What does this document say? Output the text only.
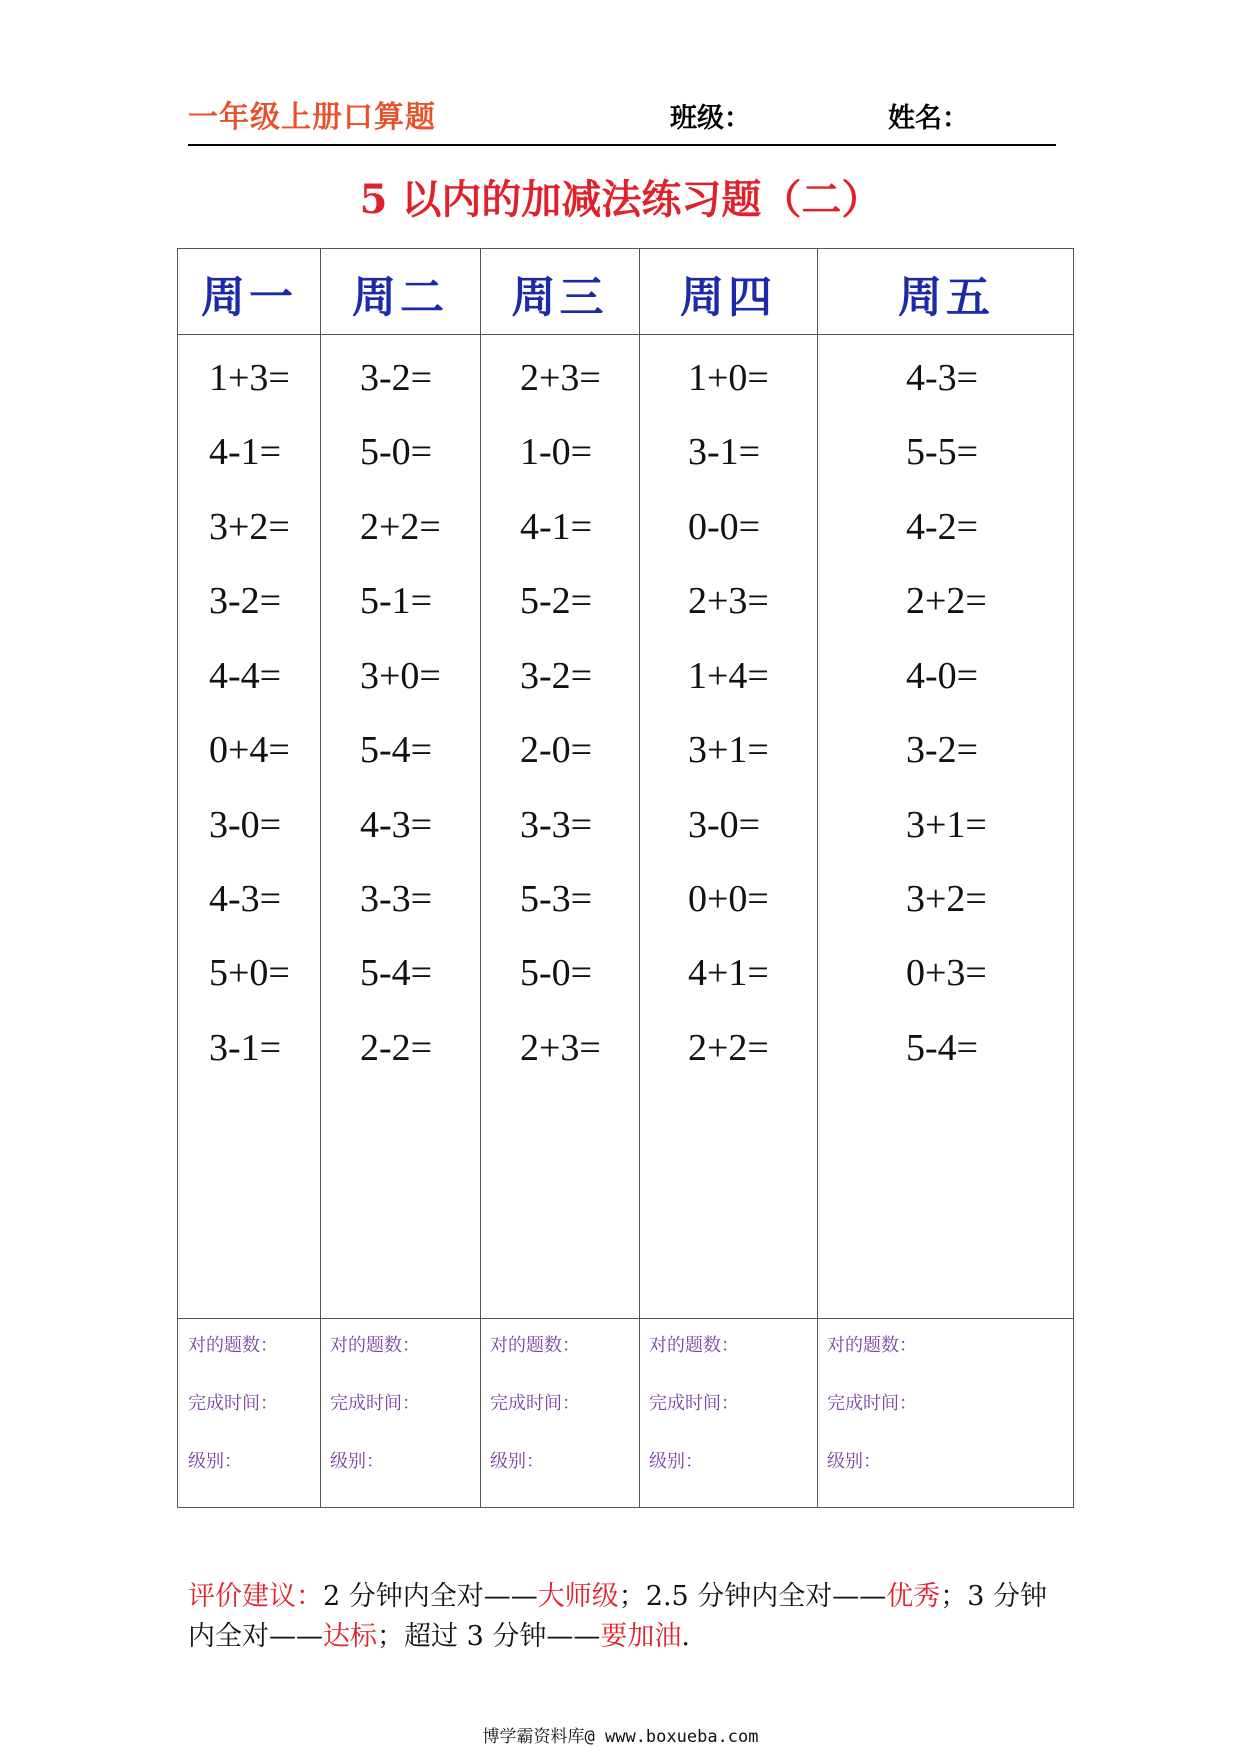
一年级上册口算题	班级：	姓名：
5 以内的加减法练习题（二）
周一
1+3=
4-1=
3+2=
3-2=
4-4=
0+4=
3-0=
4-3=
5+0=
3-1=
对的题数：
完成时间：
级别：
周二
3-2=
5-0=
2+2=
5-1=
3+0=
5-4=
4-3=
3-3=
5-4=
2-2=
对的题数：
完成时间：
级别：
周三
2+3=
1-0=
4-1=
5-2=
3-2=
2-0=
3-3=
5-3=
5-0=
2+3=
对的题数：
完成时间：
级别：
周四
1+0=
3-1=
0-0=
2+3=
1+4=
3+1=
3-0=
0+0=
4+1=
2+2=
对的题数：
完成时间：
级别：
周五
4-3=
5-5=
4-2=
2+2=
4-0=
3-2=
3+1=
3+2=
0+3=
5-4=
对的题数：
完成时间：
级别：
评价建议：2 分钟内全对——大师级；2.5 分钟内全对——优秀；3 分钟内全对——达标；超过 3 分钟——要加油.
博学霸资料库@ www.boxueba.com
